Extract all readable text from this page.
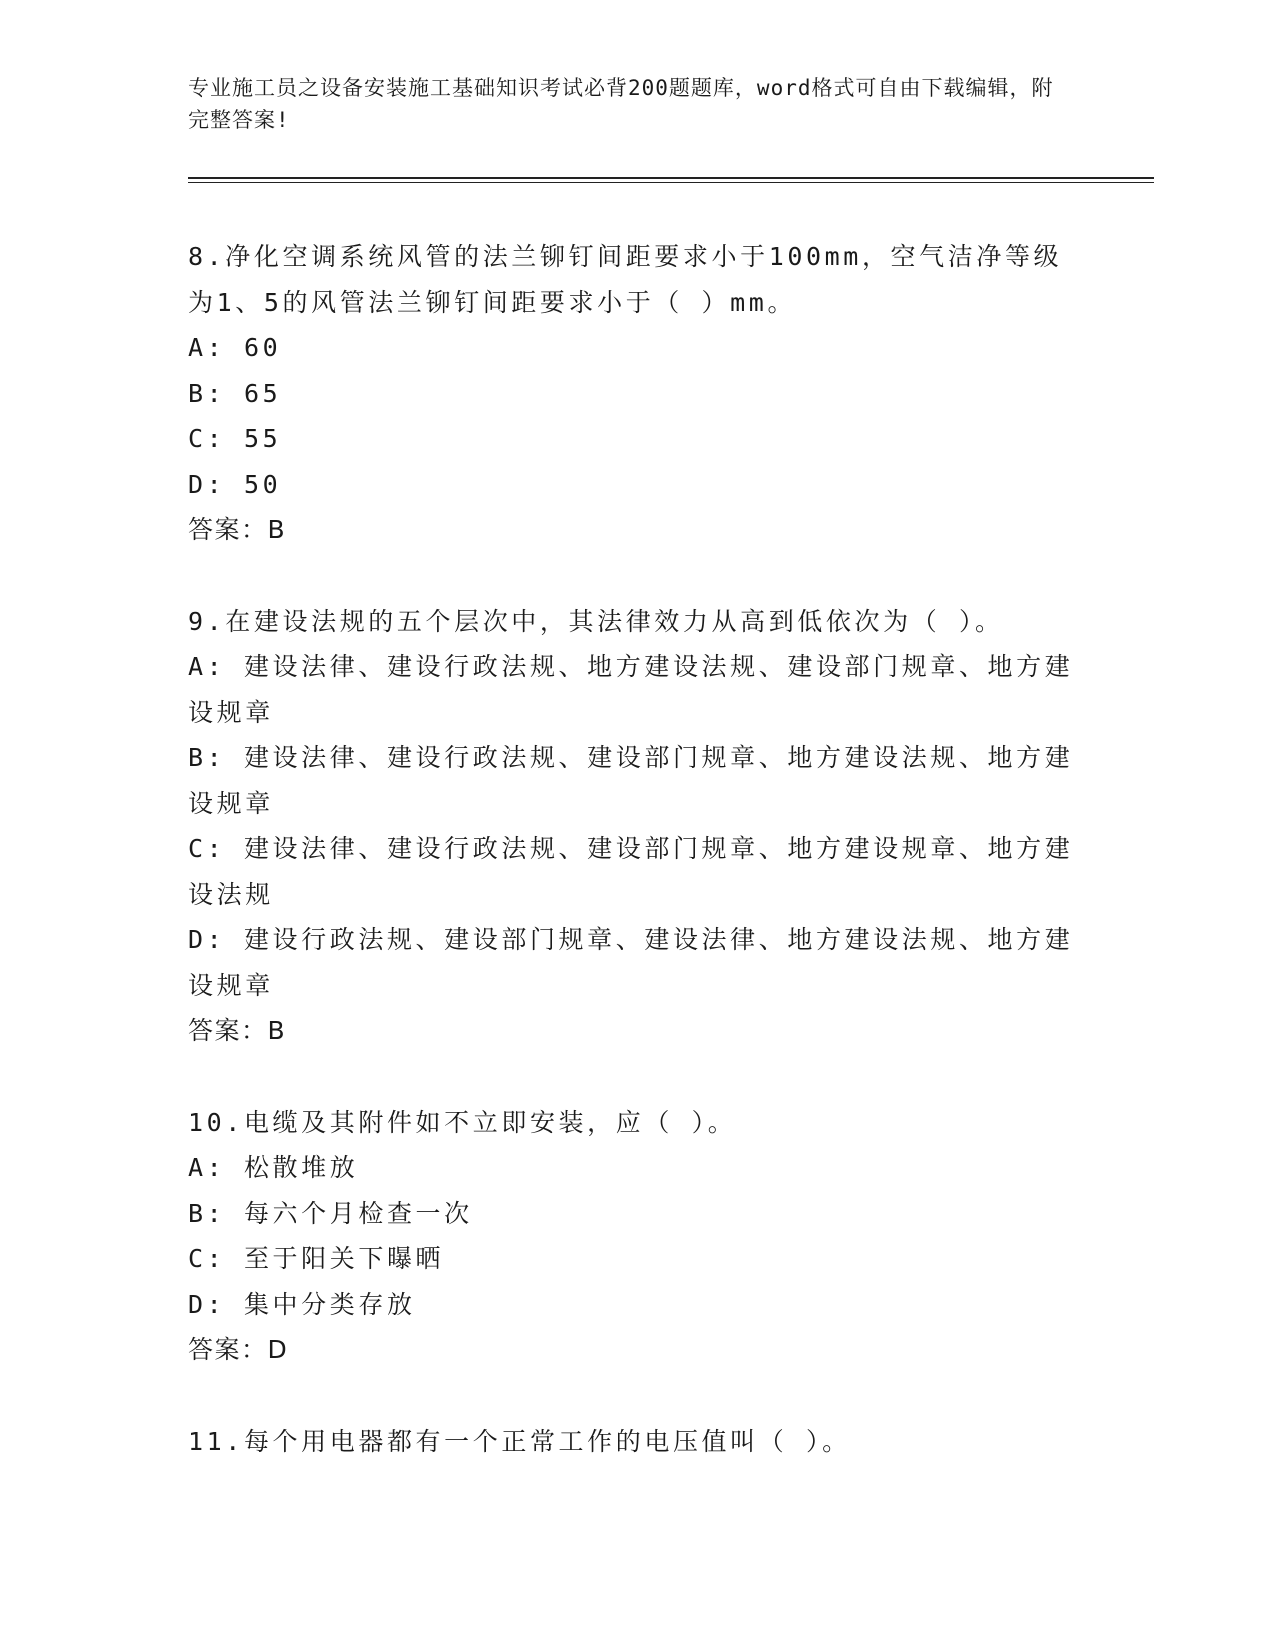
专业施工员之设备安装施工基础知识考试必背200题题库，word格式可自由下载编辑，附完整答案!
8.净化空调系统风管的法兰铆钉间距要求小于100mm，空气洁净等级为1、5的风管法兰铆钉间距要求小于（ ）mm。
A: 60
B: 65
C: 55
D: 50
答案：B
9.在建设法规的五个层次中，其法律效力从高到低依次为（ ）。
A: 建设法律、建设行政法规、地方建设法规、建设部门规章、地方建设规章
B: 建设法律、建设行政法规、建设部门规章、地方建设法规、地方建设规章
C: 建设法律、建设行政法规、建设部门规章、地方建设规章、地方建设法规
D: 建设行政法规、建设部门规章、建设法律、地方建设法规、地方建设规章
答案：B
10.电缆及其附件如不立即安装，应（ ）。
A: 松散堆放
B: 每六个月检查一次
C: 至于阳关下曝晒
D: 集中分类存放
答案：D
11.每个用电器都有一个正常工作的电压值叫（ ）。
